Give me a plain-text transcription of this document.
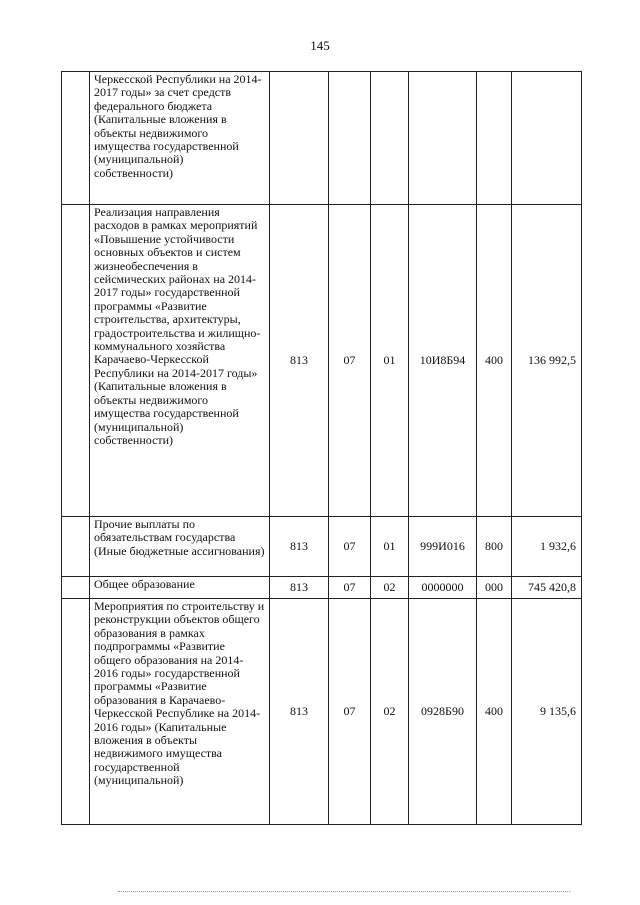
145
	Черкесской Республики на 2014-2017 годы» за счет средств федерального бюджета (Капитальные вложения в объекты недвижимого имущества государственной (муниципальной) собственности)						
	Реализация направления расходов в рамках мероприятий «Повышение устойчивости основных объектов и систем жизнеобеспечения в сейсмических районах на 2014-2017 годы» государственной программы «Развитие строительства, архитектуры, градостроительства и жилищно-коммунального хозяйства Карачаево-Черкесской Республики на 2014-2017 годы» (Капитальные вложения в объекты недвижимого имущества государственной (муниципальной) собственности)	813	07	01	10И8Б94	400	136 992,5
	Прочие выплаты по обязательствам государства (Иные бюджетные ассигнования)	813	07	01	999И016	800	1 932,6
	Общее образование	813	07	02	0000000	000	745 420,8
	Мероприятия по строительству и реконструкции объектов общего образования в рамках подпрограммы «Развитие общего образования на 2014-2016 годы» государственной программы «Развитие образования в Карачаево-Черкесской Республике на 2014-2016 годы» (Капитальные вложения в объекты недвижимого имущества государственной (муниципальной)	813	07	02	0928Б90	400	9 135,6
